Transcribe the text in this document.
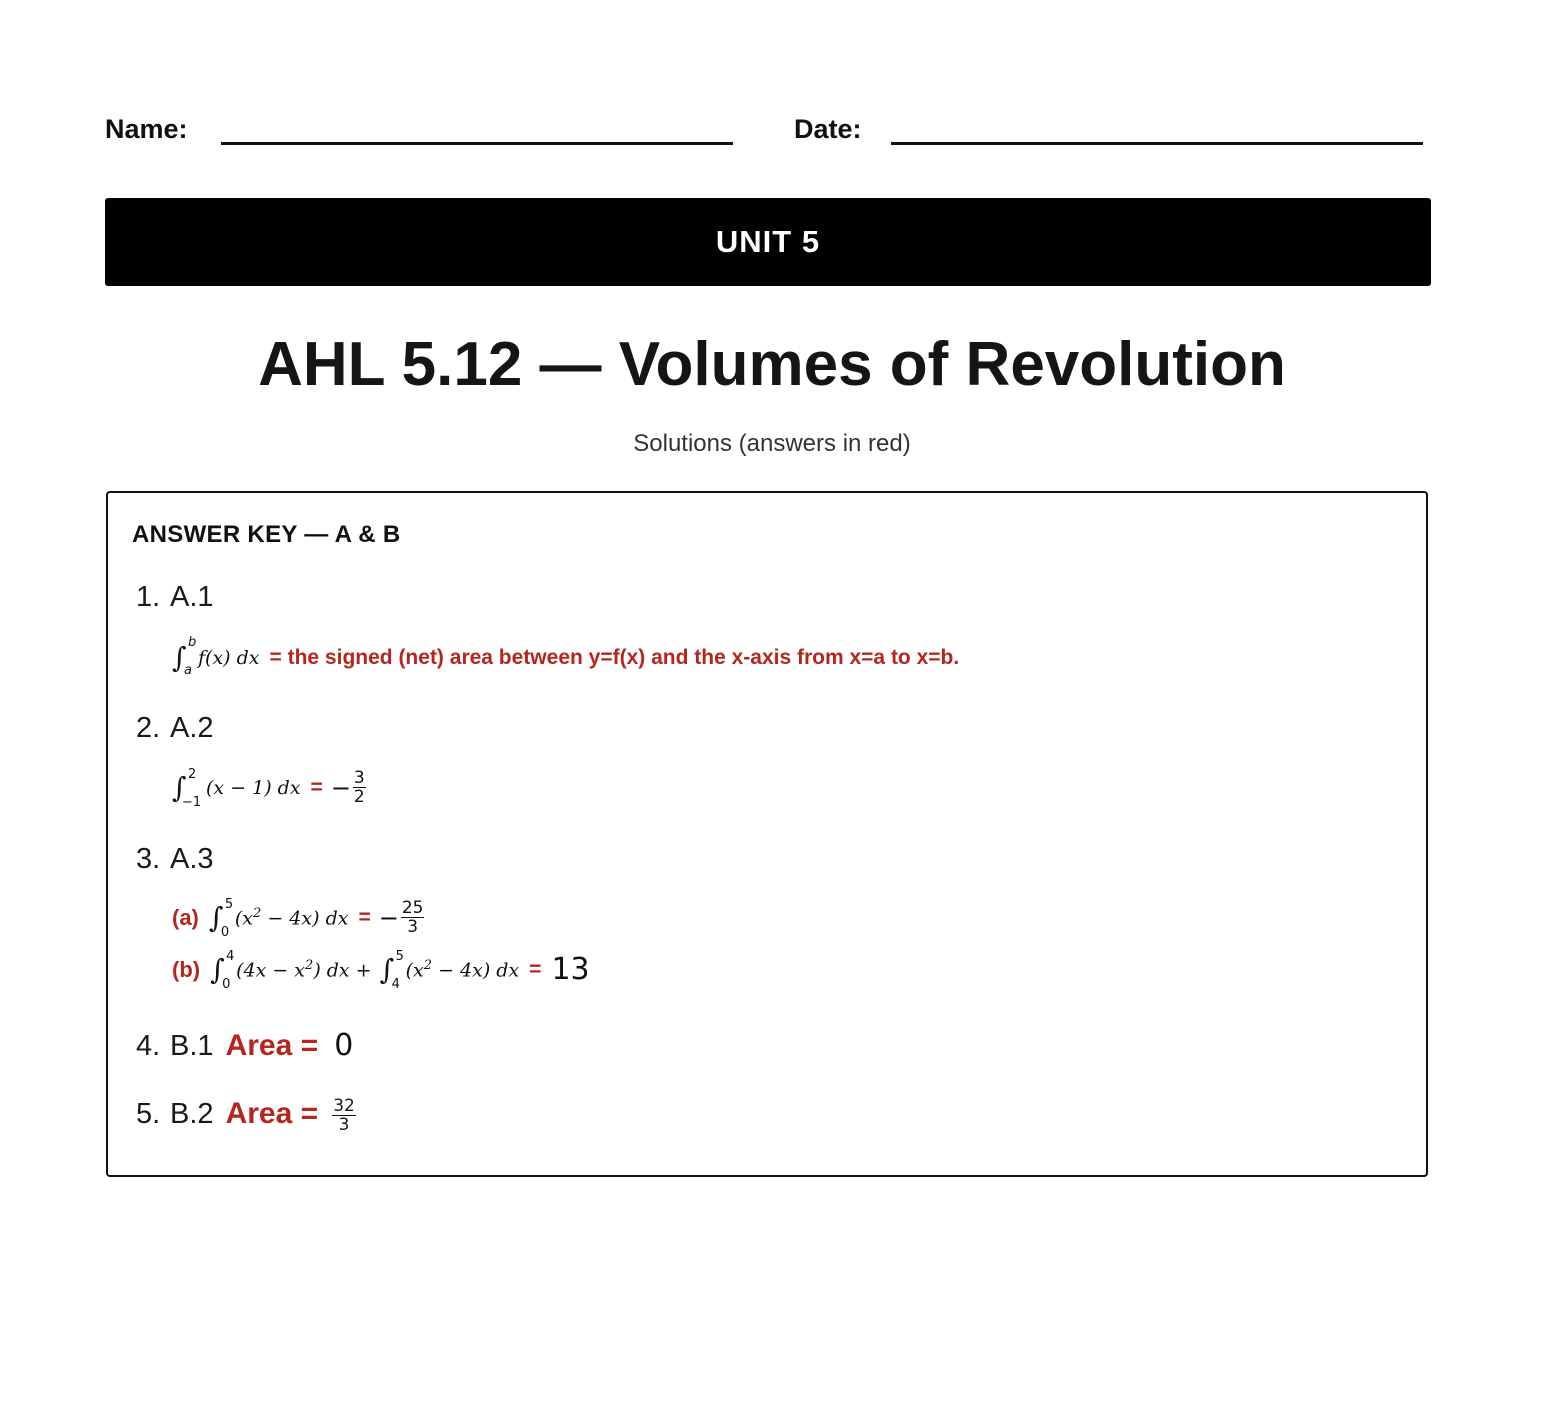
Name:	Date:
UNIT 5
AHL 5.12 — Volumes of Revolution
Solutions (answers in red)
ANSWER KEY — A & B
1. A.1
∫ b
a
f(x) dx = the signed (net) area between y=f(x) and the x-axis from x=a to x=b.
2. A.2
∫ 2
−1
(x − 1) dx = − $\frac{3}{2}$
3. A.3
(a) ∫ 5
0
$(x^2 - 4x)$ dx = − $\frac{25}{3}$
(b) ∫ 4
0
$(4x - x^2)$ dx + ∫ 5
4
$(x^2 - 4x)$ dx = 13
4. B.1 Area = 0
5. B.2 Area = $\frac{32}{3}$
